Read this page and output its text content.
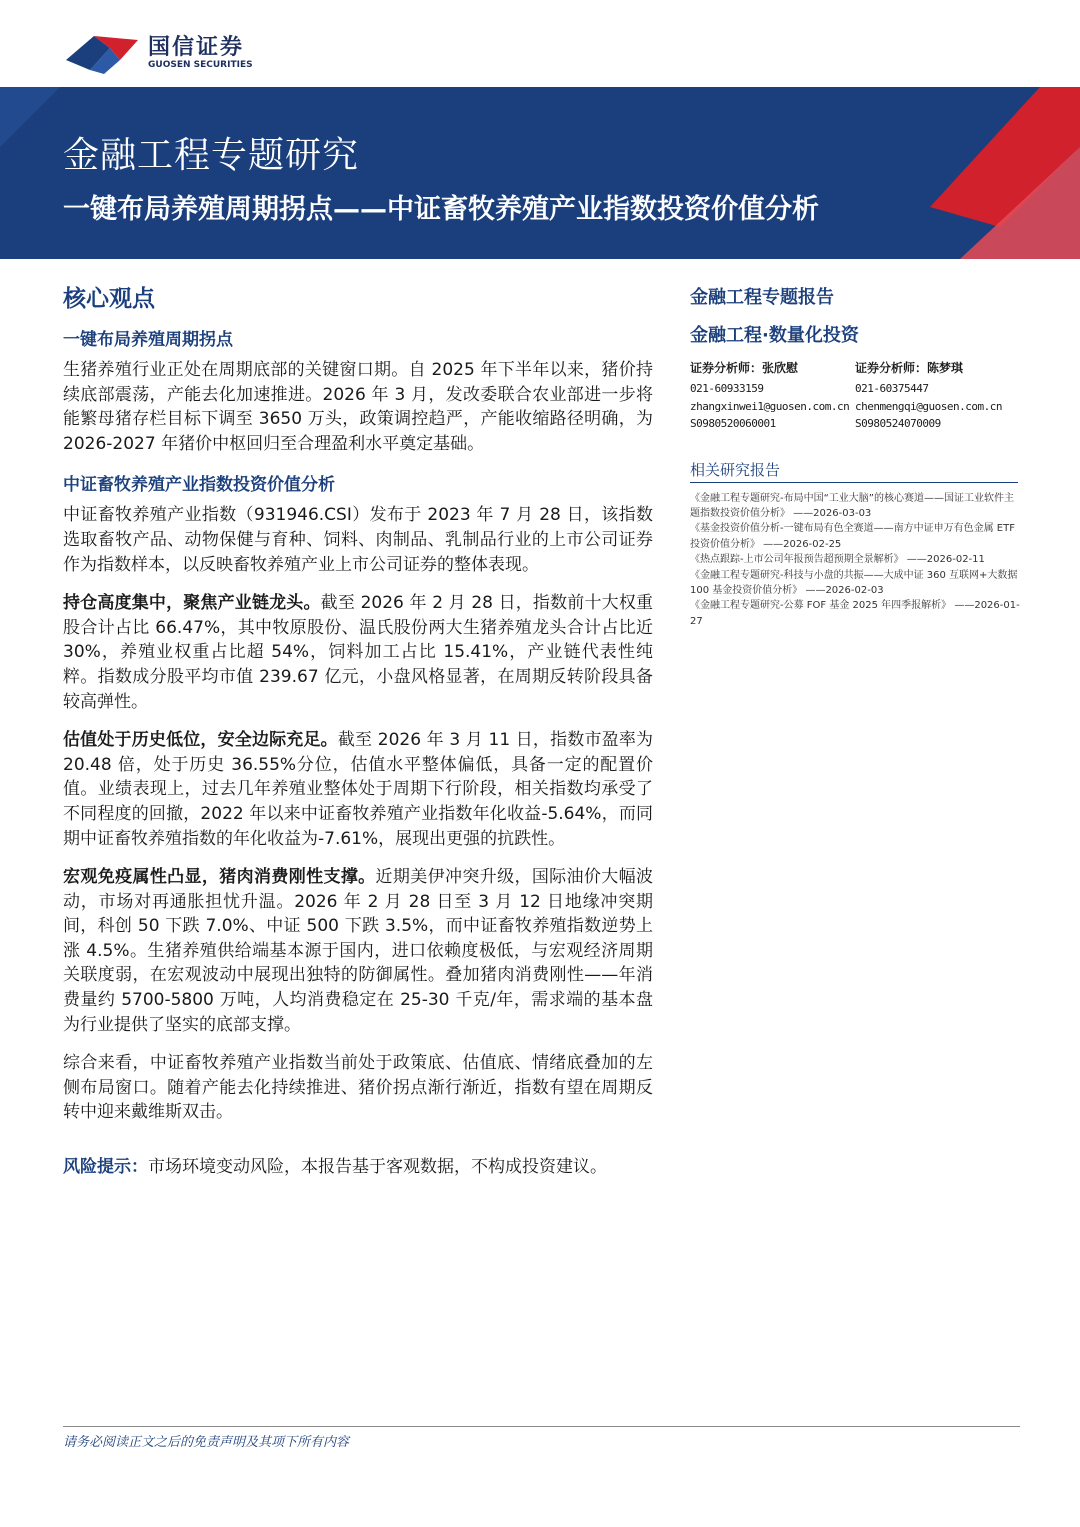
国信证券
GUOSEN SECURITIES
金融工程专题研究
一键布局养殖周期拐点——中证畜牧养殖产业指数投资价值分析
核心观点
一键布局养殖周期拐点

生猪养殖行业正处在周期底部的关键窗口期。自 2025 年下半年以来，猪价持续底部震荡，产能去化加速推进。2026 年 3 月，发改委联合农业部进一步将能繁母猪存栏目标下调至 3650 万头，政策调控趋严，产能收缩路径明确，为 2026-2027 年猪价中枢回归至合理盈利水平奠定基础。

中证畜牧养殖产业指数投资价值分析

中证畜牧养殖产业指数（931946.CSI）发布于 2023 年 7 月 28 日，该指数选取畜牧产品、动物保健与育种、饲料、肉制品、乳制品行业的上市公司证券作为指数样本，以反映畜牧养殖产业上市公司证券的整体表现。

持仓高度集中，聚焦产业链龙头。截至 2026 年 2 月 28 日，指数前十大权重股合计占比 66.47%，其中牧原股份、温氏股份两大生猪养殖龙头合计占比近 30%，养殖业权重占比超 54%，饲料加工占比 15.41%，产业链代表性纯粹。指数成分股平均市值 239.67 亿元，小盘风格显著，在周期反转阶段具备较高弹性。

估值处于历史低位，安全边际充足。截至 2026 年 3 月 11 日，指数市盈率为 20.48 倍，处于历史 36.55%分位，估值水平整体偏低，具备一定的配置价值。业绩表现上，过去几年养殖业整体处于周期下行阶段，相关指数均承受了不同程度的回撤，2022 年以来中证畜牧养殖产业指数年化收益-5.64%，而同期中证畜牧养殖指数的年化收益为-7.61%，展现出更强的抗跌性。

宏观免疫属性凸显，猪肉消费刚性支撑。近期美伊冲突升级，国际油价大幅波动，市场对再通胀担忧升温。2026 年 2 月 28 日至 3 月 12 日地缘冲突期间，科创 50 下跌 7.0%、中证 500 下跌 3.5%，而中证畜牧养殖指数逆势上涨 4.5%。生猪养殖供给端基本源于国内，进口依赖度极低，与宏观经济周期关联度弱，在宏观波动中展现出独特的防御属性。叠加猪肉消费刚性——年消费量约 5700-5800 万吨，人均消费稳定在 25-30 千克/年，需求端的基本盘为行业提供了坚实的底部支撑。

综合来看，中证畜牧养殖产业指数当前处于政策底、估值底、情绪底叠加的左侧布局窗口。随着产能去化持续推进、猪价拐点渐行渐近，指数有望在周期反转中迎来戴维斯双击。

风险提示：市场环境变动风险，本报告基于客观数据，不构成投资建议。
金融工程专题报告
金融工程·数量化投资
证券分析师：张欣慰
021-60933159
zhangxinwei1@guosen.com.cn
S0980520060001
证券分析师：陈梦琪
021-60375447
chenmengqi@guosen.com.cn
S0980524070009
相关研究报告
《金融工程专题研究-布局中国“工业大脑”的核心赛道——国证工业软件主题指数投资价值分析》 ——2026-03-03
《基金投资价值分析-一键布局有色全赛道——南方中证申万有色金属 ETF 投资价值分析》 ——2026-02-25
《热点跟踪-上市公司年报预告超预期全景解析》 ——2026-02-11
《金融工程专题研究-科技与小盘的共振——大成中证 360 互联网+大数据 100 基金投资价值分析》 ——2026-02-03
《金融工程专题研究-公募 FOF 基金 2025 年四季报解析》 ——2026-01-27
请务必阅读正文之后的免责声明及其项下所有内容
